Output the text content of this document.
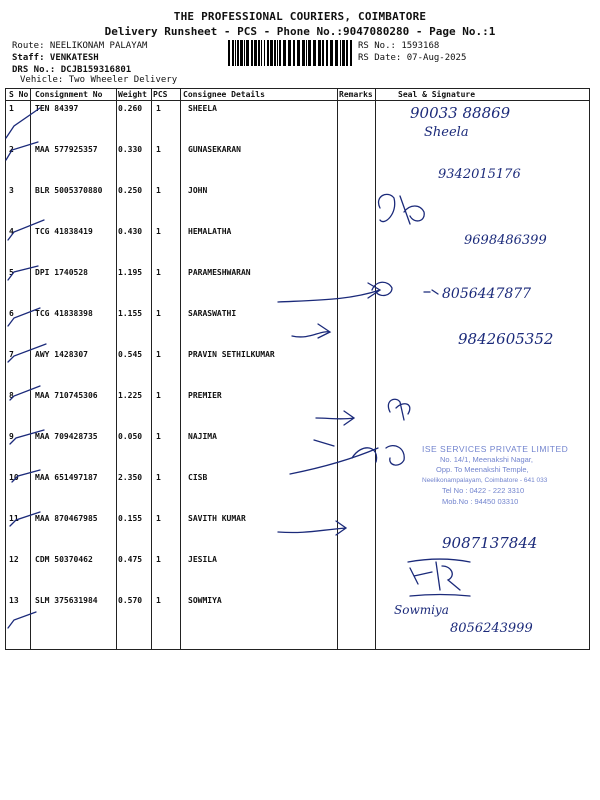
THE PROFESSIONAL COURIERS, COIMBATORE
Delivery Runsheet - PCS - Phone No.:9047080280 - Page No.:1
Route: NEELIKONAM PALAYAM
Staff: VENKATESH
DRS No.: DCJB159316801
RS No.: 1593168
RS Date: 07-Aug-2025
Vehicle: Two Wheeler Delivery
S No Consignment No Weight PCS Consignee Details	Remarks	Seal & Signature
1	TEN 84397	0.260 1	SHEELA
2	MAA 577925357	0.330 1	GUNASEKARAN
3	BLR 5005370880 0.250 1	JOHN
4	TCG 41838419	0.430 1	HEMALATHA
5	DPI 1740528	1.195 1	PARAMESHWARAN
6	TCG 41838398	1.155 1	SARASWATHI
7	AWY 1428307	0.545 1	PRAVIN SETHILKUMAR
8	MAA 710745306	1.225 1	PREMIER
9	MAA 709428735	0.050 1	NAJIMA
10 MAA 651497187	2.350 1	CISB
11 MAA 870467985	0.155 1	SAVITH KUMAR
12 CDM 50370462	0.475 1	JESILA
13 SLM 375631984	0.570 1	SOWMIYA
90033 88869
Sheela
9342015176
9698486399
8056447877
9842605352
9087137844
Sowmiya
8056243999
ISE SERVICES PRIVATE LIMITED
No. 14/1, Meenakshi Nagar,
Opp. To Meenakshi Temple,
Neelikonampalayam, Coimbatore - 641 033
Tel No : 0422 - 222 3310
Mob.No : 94450 03310
